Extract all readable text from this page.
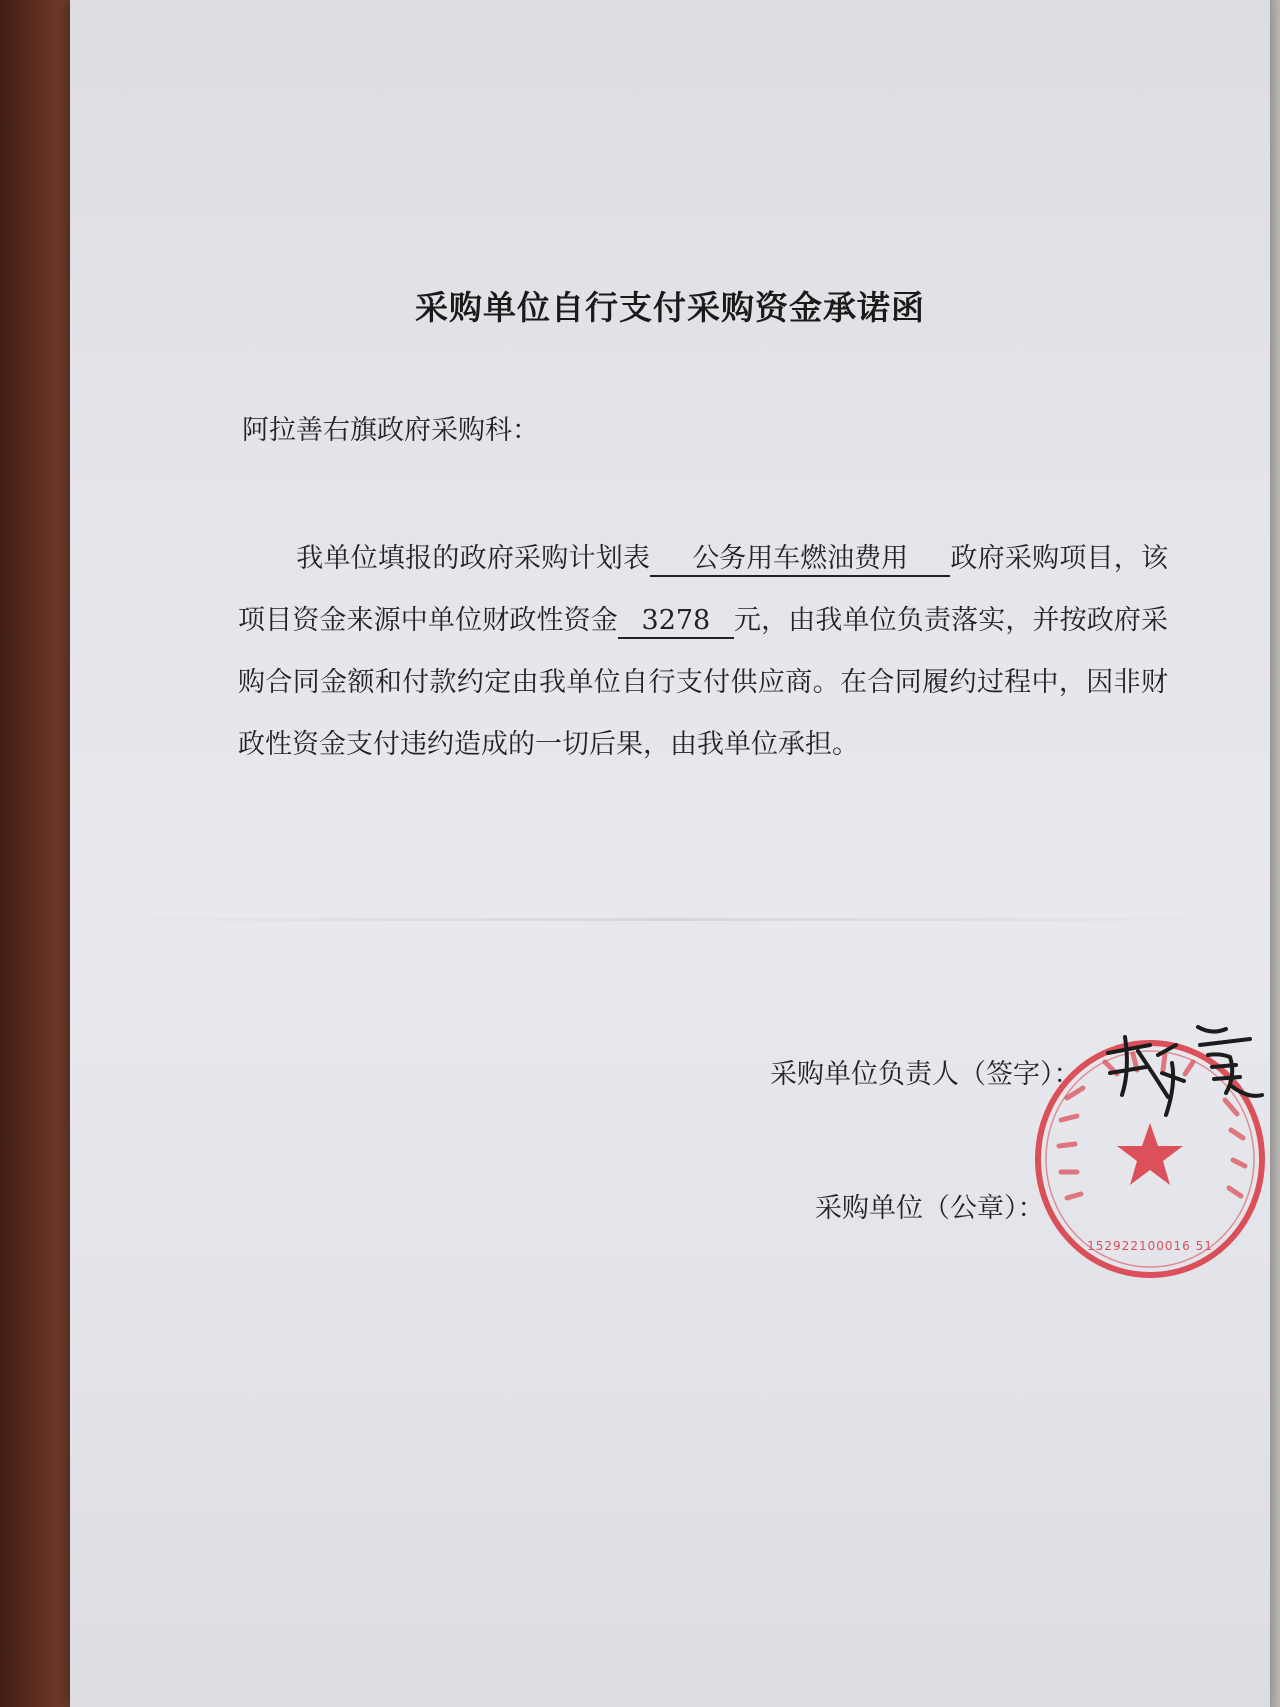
采购单位自行支付采购资金承诺函
阿拉善右旗政府采购科：
我单位填报的政府采购计划表 公务用车燃油费用 政府采购项目，该项目资金来源中单位财政性资金 3278 元，由我单位负责落实，并按政府采购合同金额和付款约定由我单位自行支付供应商。在合同履约过程中，因非财政性资金支付违约造成的一切后果，由我单位承担。
采购单位负责人（签字）：
采购单位（公章）：
152922100016 51
